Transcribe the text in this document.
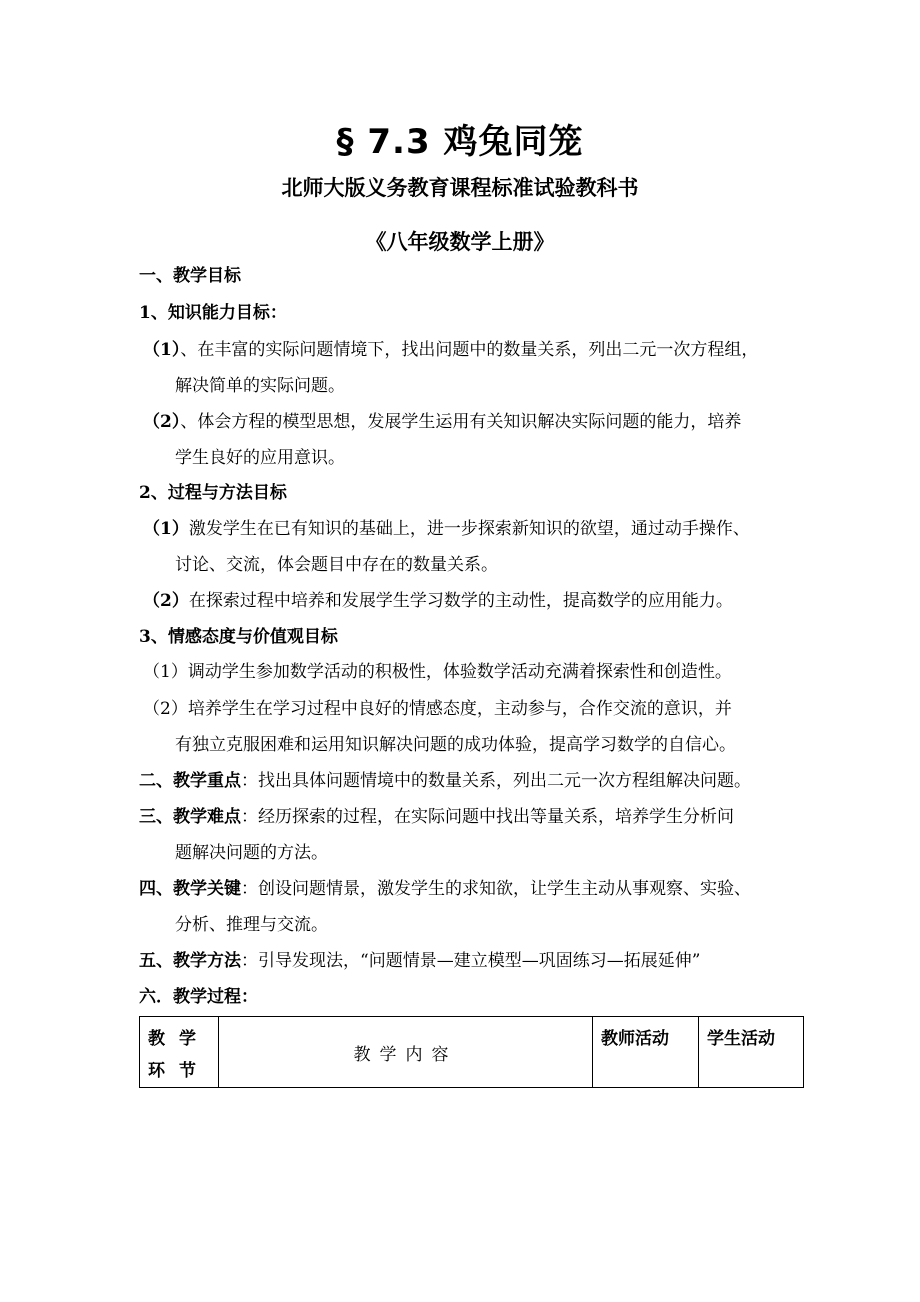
§ 7.3 鸡兔同笼
北师大版义务教育课程标准试验教科书
《八年级数学上册》
一、教学目标
1、知识能力目标：
（1）、在丰富的实际问题情境下，找出问题中的数量关系，列出二元一次方程组，
解决简单的实际问题。
（2）、体会方程的模型思想，发展学生运用有关知识解决实际问题的能力，培养
学生良好的应用意识。
2、过程与方法目标
（1）激发学生在已有知识的基础上，进一步探索新知识的欲望，通过动手操作、
讨论、交流，体会题目中存在的数量关系。
（2）在探索过程中培养和发展学生学习数学的主动性，提高数学的应用能力。
3、情感态度与价值观目标
（1）调动学生参加数学活动的积极性，体验数学活动充满着探索性和创造性。
（2）培养学生在学习过程中良好的情感态度，主动参与，合作交流的意识，并
有独立克服困难和运用知识解决问题的成功体验，提高学习数学的自信心。
二、教学重点：找出具体问题情境中的数量关系，列出二元一次方程组解决问题。
三、教学难点：经历探索的过程，在实际问题中找出等量关系，培养学生分析问
题解决问题的方法。
四、教学关键：创设问题情景，激发学生的求知欲，让学生主动从事观察、实验、
分析、推理与交流。
五、教学方法：引导发现法，“问题情景—建立模型—巩固练习—拓展延伸”
六．教学过程：
教学
环节
	教学内容	教师活动	学生活动
